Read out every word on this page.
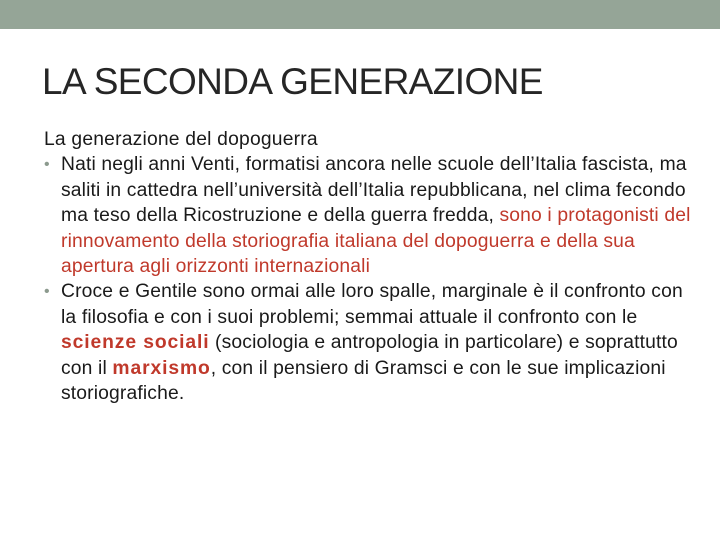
LA SECONDA GENERAZIONE
La generazione del dopoguerra
• Nati negli anni Venti, formatisi ancora nelle scuole dell’Italia fascista, ma saliti in cattedra nell’università dell’Italia repubblicana, nel clima fecondo ma teso della Ricostruzione e della guerra fredda, sono i protagonisti del rinnovamento della storiografia italiana del dopoguerra e della sua apertura agli orizzonti internazionali
• Croce e Gentile sono ormai alle loro spalle, marginale è il confronto con la filosofia e con i suoi problemi; semmai attuale il confronto con le scienze sociali (sociologia e antropologia in particolare) e soprattutto con il marxismo, con il pensiero di Gramsci e con le sue implicazioni storiografiche.
